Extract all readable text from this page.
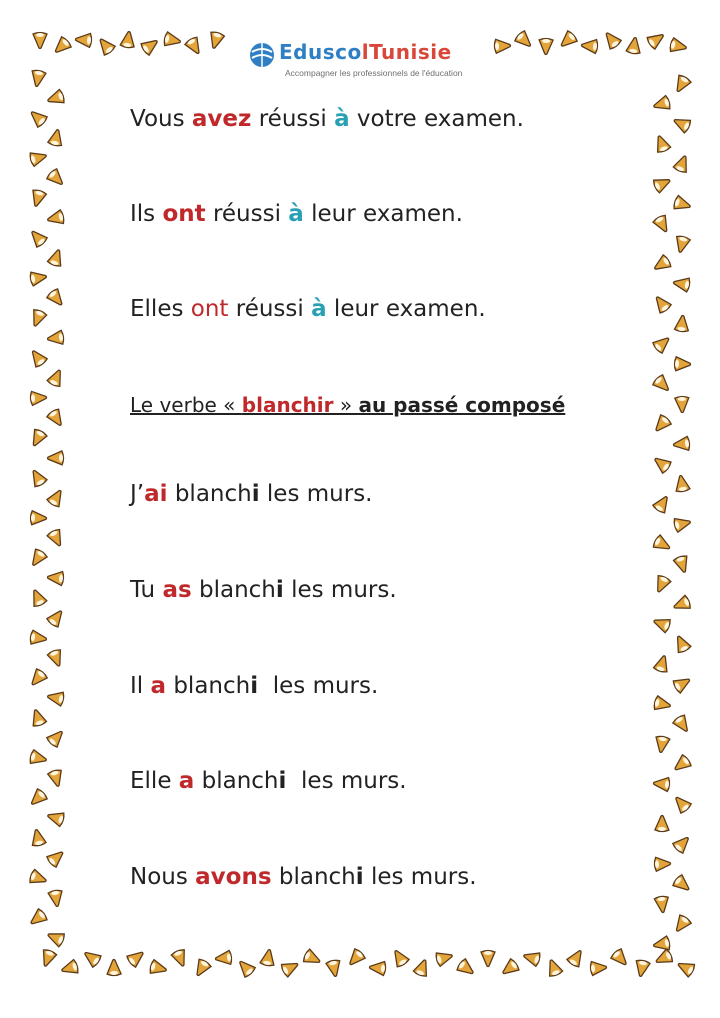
EduscolTunisie
Accompagner les professionnels de l'éducation
Vous avez réussi à votre examen.
Ils ont réussi à leur examen.
Elles ont réussi à leur examen.
Le verbe « blanchir » au passé composé
J’ai blanchi les murs.
Tu as blanchi les murs.
Il a blanchi  les murs.
Elle a blanchi  les murs.
Nous avons blanchi les murs.
